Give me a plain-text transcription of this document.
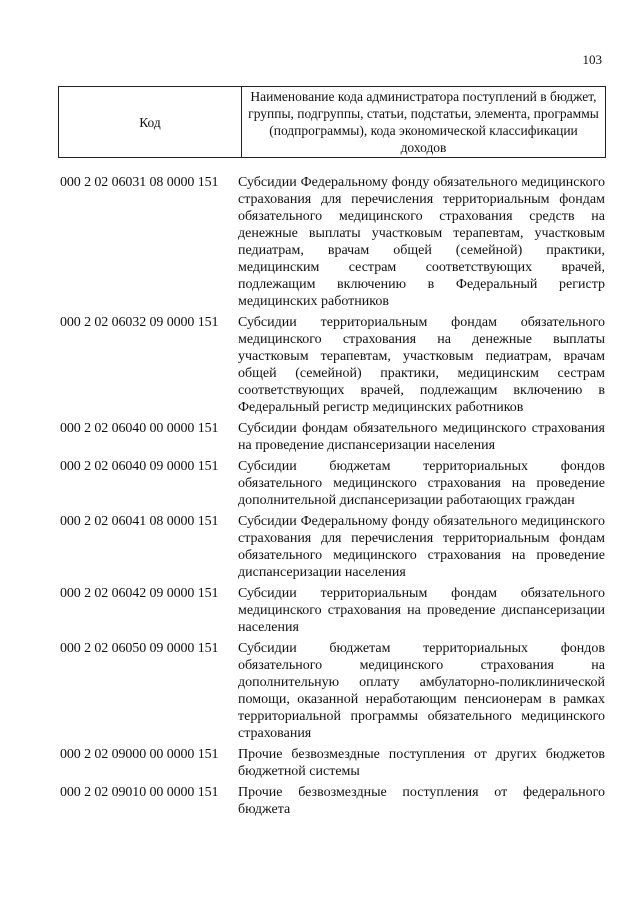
103
Код	Наименование кода администратора поступлений в бюджет, группы, подгруппы, статьи, подстатьи, элемента, программы (подпрограммы), кода экономической классификации доходов
000 2 02 06031 08 0000 151	Субсидии Федеральному фонду обязательного медицинского страхования для перечисления территориальным фондам обязательного медицинского страхования средств на денежные выплаты участковым терапевтам, участковым педиатрам, врачам общей (семейной) практики, медицинским сестрам соответствующих врачей, подлежащим включению в Федеральный регистр медицинских работников
000 2 02 06032 09 0000 151	Субсидии территориальным фондам обязательного медицинского страхования на денежные выплаты участковым терапевтам, участковым педиатрам, врачам общей (семейной) практики, медицинским сестрам соответствующих врачей, подлежащим включению в Федеральный регистр медицинских работников
000 2 02 06040 00 0000 151	Субсидии фондам обязательного медицинского страхования на проведение диспансеризации населения
000 2 02 06040 09 0000 151	Субсидии бюджетам территориальных фондов обязательного медицинского страхования на проведение дополнительной диспансеризации работающих граждан
000 2 02 06041 08 0000 151	Субсидии Федеральному фонду обязательного медицинского страхования для перечисления территориальным фондам обязательного медицинского страхования на проведение диспансеризации населения
000 2 02 06042 09 0000 151	Субсидии территориальным фондам обязательного медицинского страхования на проведение диспансеризации населения
000 2 02 06050 09 0000 151	Субсидии бюджетам территориальных фондов обязательного медицинского страхования на дополнительную оплату амбулаторно-поликлинической помощи, оказанной неработающим пенсионерам в рамках территориальной программы обязательного медицинского страхования
000 2 02 09000 00 0000 151	Прочие безвозмездные поступления от других бюджетов бюджетной системы
000 2 02 09010 00 0000 151	Прочие безвозмездные поступления от федерального бюджета
